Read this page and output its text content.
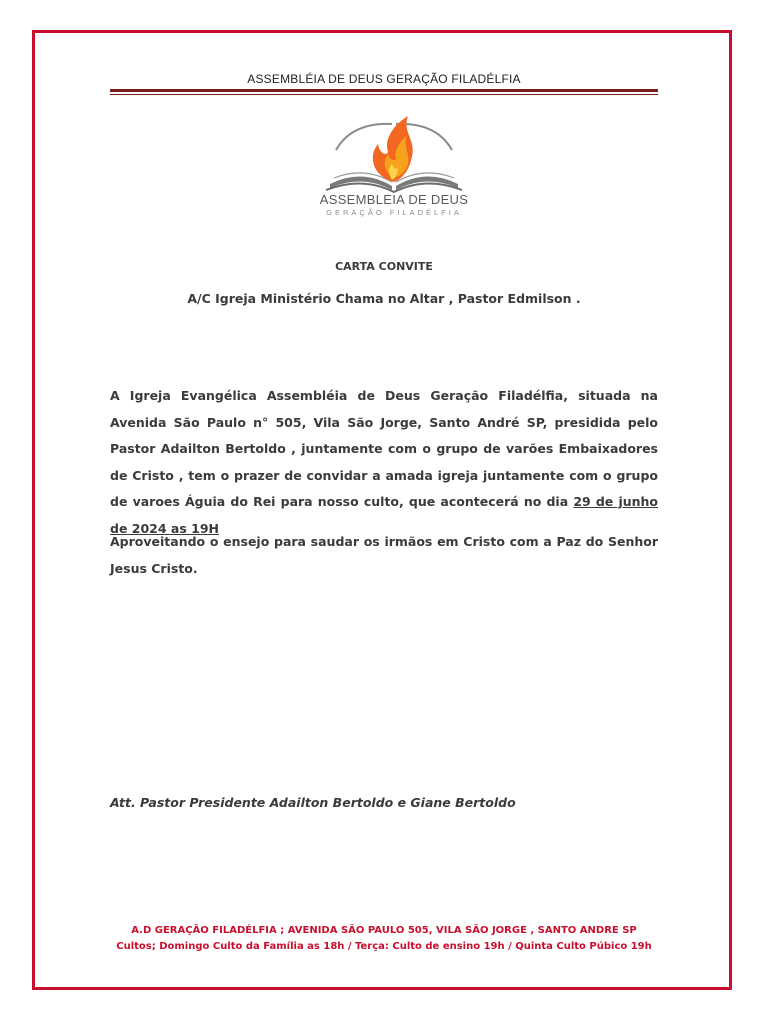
ASSEMBLÉIA DE DEUS GERAÇÃO FILADÉLFIA
ASSEMBLEIA DE DEUS
GERAÇÃO FILADÉLFIA
CARTA CONVITE
A/C Igreja Ministério Chama no Altar , Pastor Edmilson .
A Igreja Evangélica Assembléia de Deus Geração Filadélfia, situada na Avenida São Paulo n° 505, Vila São Jorge, Santo André SP, presidida pelo Pastor Adailton Bertoldo , juntamente com o grupo de varões Embaixadores de Cristo , tem o prazer de convidar a amada igreja juntamente com o grupo de varoes Águia do Rei para nosso culto, que acontecerá no dia 29 de junho de 2024 as 19H
Aproveitando o ensejo para saudar os irmãos em Cristo com a Paz do Senhor Jesus Cristo.
Att. Pastor Presidente Adailton Bertoldo e Giane Bertoldo
A.D GERAÇÃO FILADÉLFIA ; AVENIDA SÃO PAULO 505, VILA SÃO JORGE , SANTO ANDRE SP
Cultos; Domingo Culto da Família as 18h / Terça: Culto de ensino 19h / Quinta Culto Púbico 19h
